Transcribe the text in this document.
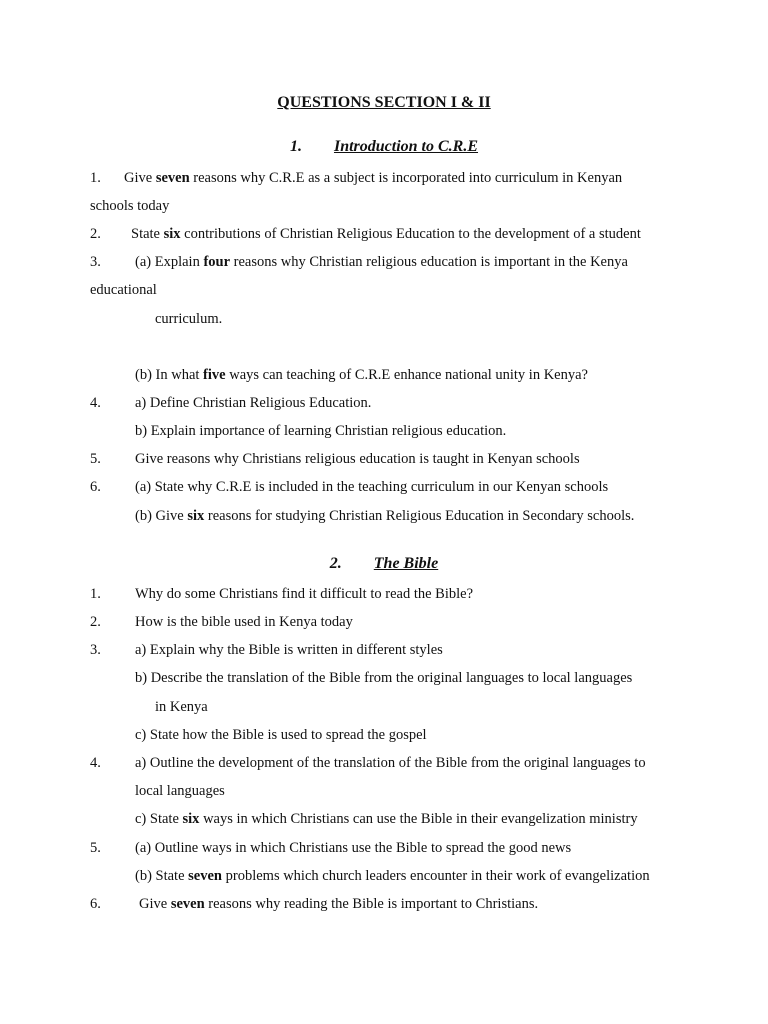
QUESTIONS SECTION I & II
1. Introduction to C.R.E
1. Give seven reasons why C.R.E as a subject is incorporated into curriculum in Kenyan
schools today
2. State six contributions of Christian Religious Education to the development of a student
3. (a) Explain four reasons why Christian religious education is important in the Kenya
educational
curriculum.
(b) In what five ways can teaching of C.R.E enhance national unity in Kenya?
4. a) Define Christian Religious Education.
b) Explain importance of learning Christian religious education.
5. Give reasons why Christians religious education is taught in Kenyan schools
6. (a) State why C.R.E is included in the teaching curriculum in our Kenyan schools
(b) Give six reasons for studying Christian Religious Education in Secondary schools.
2. The Bible
1. Why do some Christians find it difficult to read the Bible?
2. How is the bible used in Kenya today
3. a) Explain why the Bible is written in different styles
b) Describe the translation of the Bible from the original languages to local languages
in Kenya
c) State how the Bible is used to spread the gospel
4. a) Outline the development of the translation of the Bible from the original languages to
local languages
c) State six ways in which Christians can use the Bible in their evangelization ministry
5. (a) Outline ways in which Christians use the Bible to spread the good news
(b) State seven problems which church leaders encounter in their work of evangelization
6.	Give seven reasons why reading the Bible is important to Christians.
